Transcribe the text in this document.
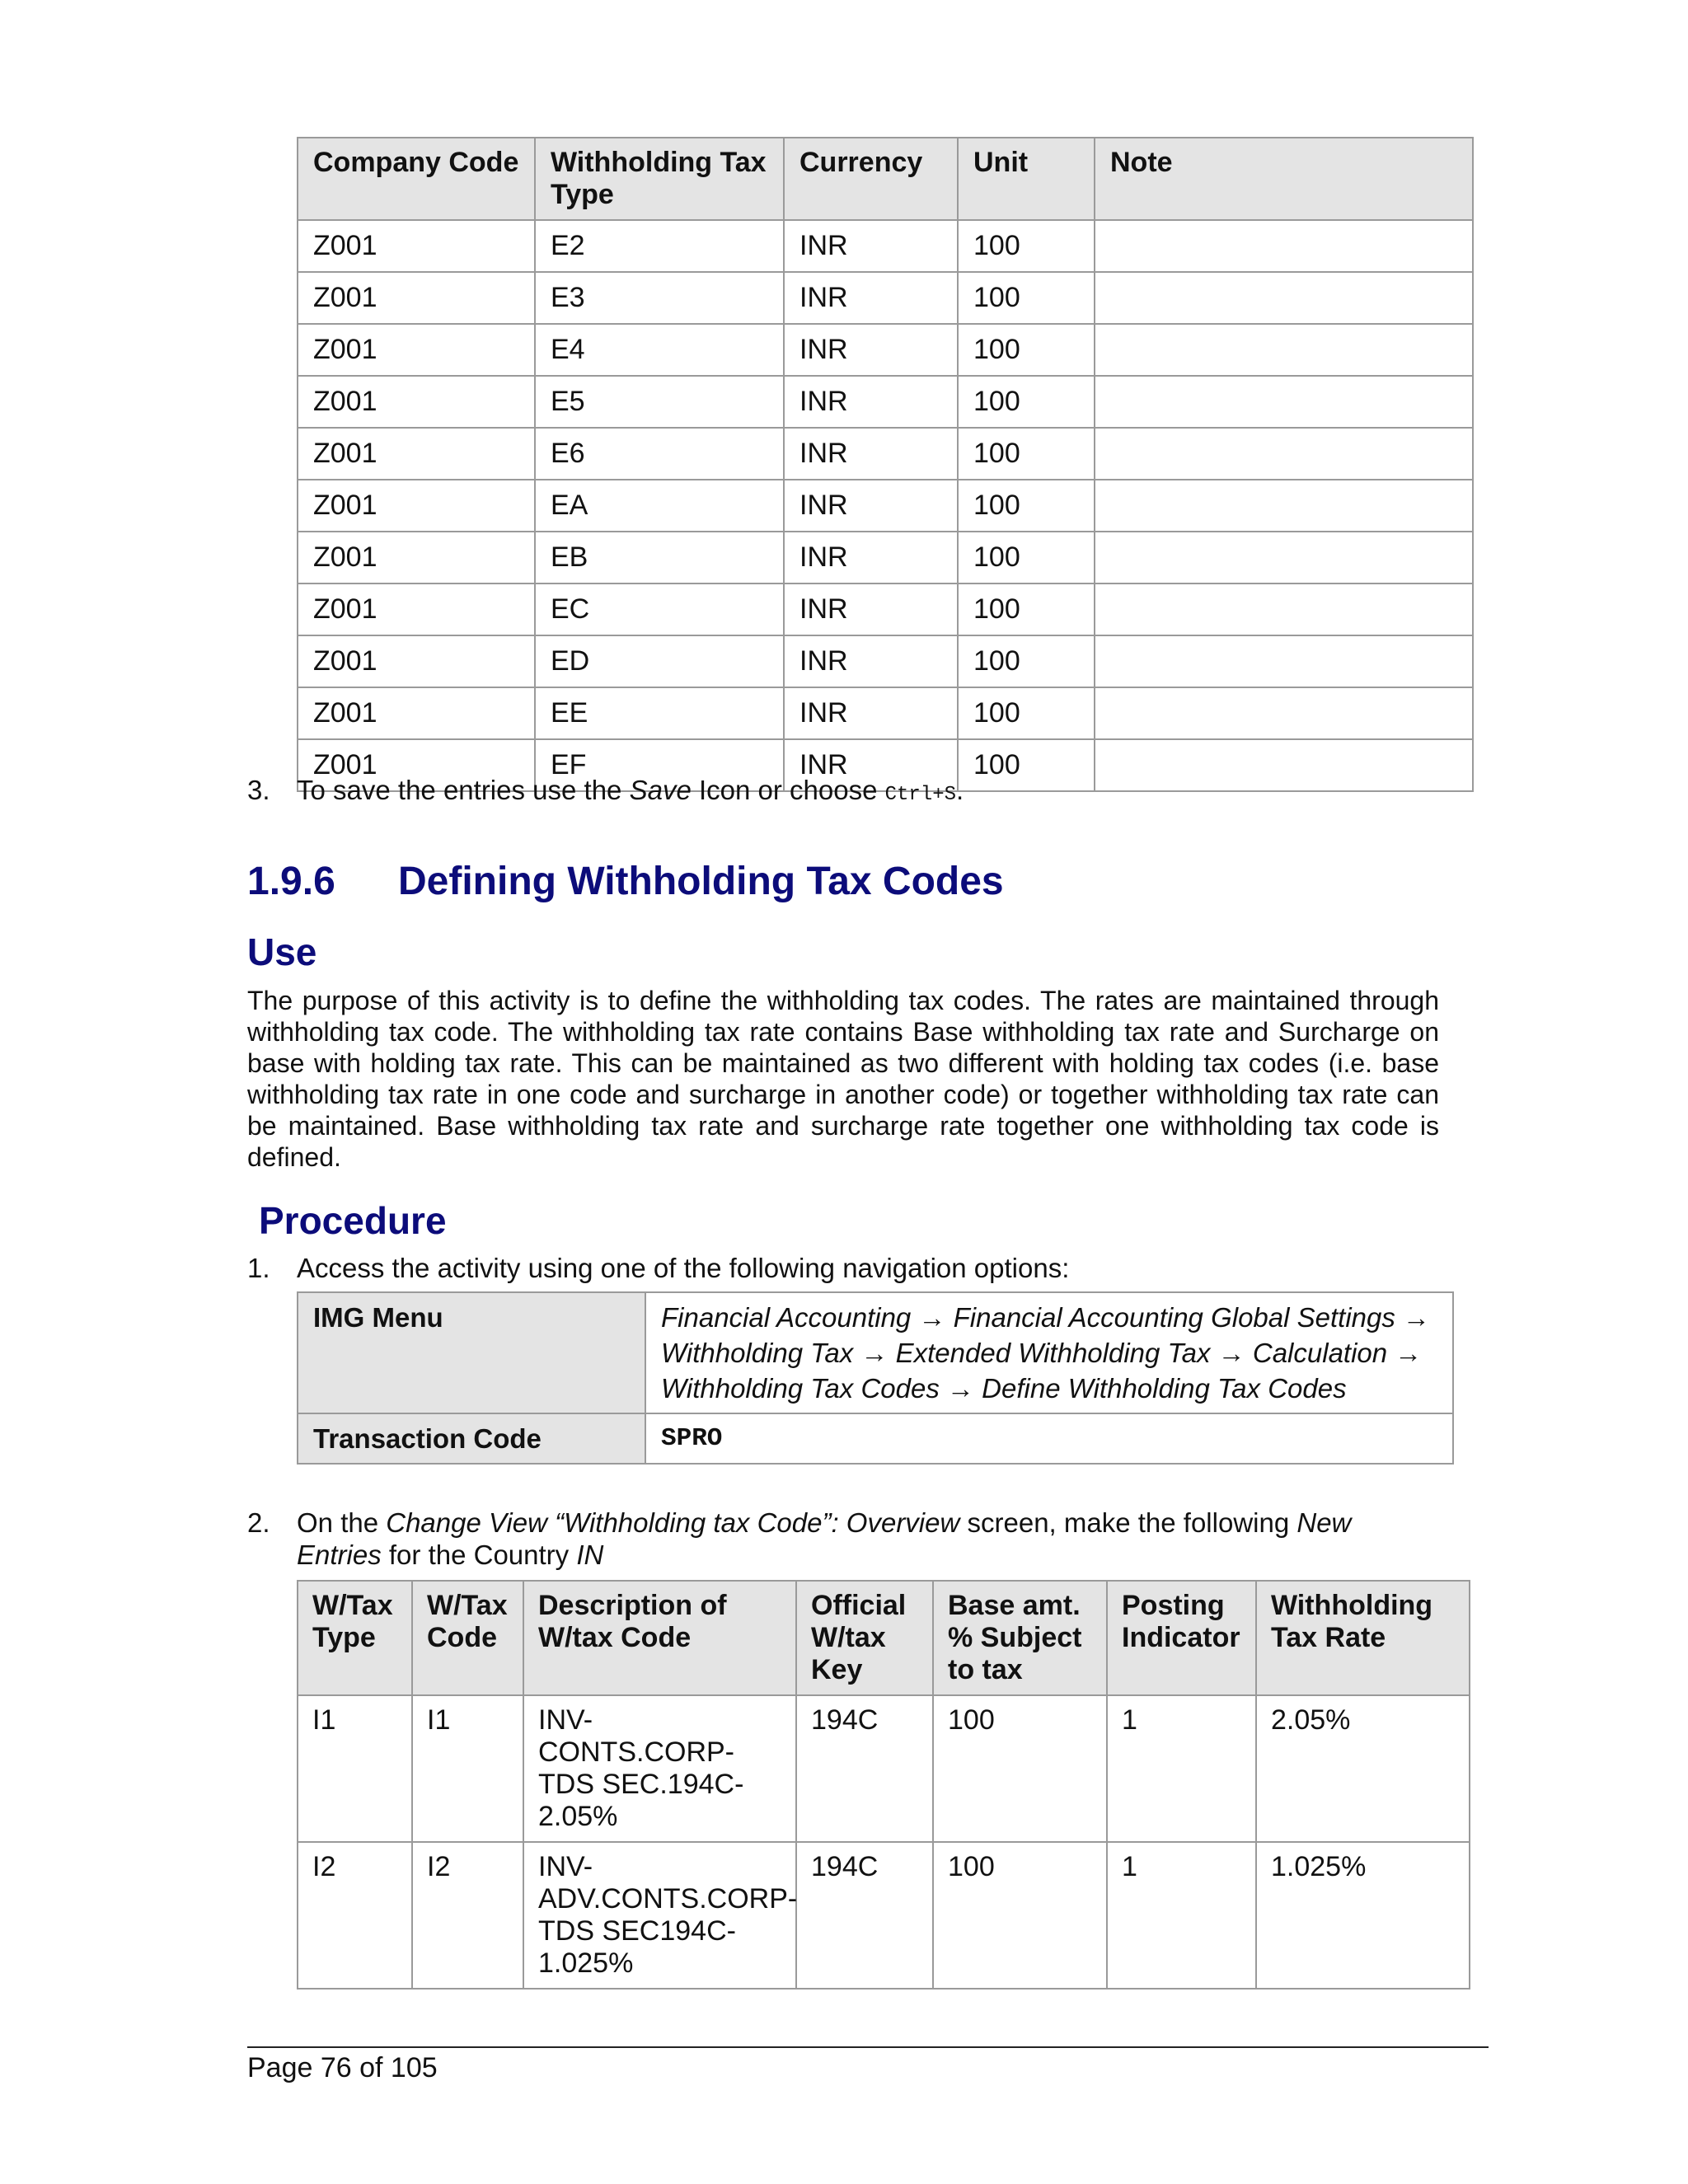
Company Code	Withholding Tax Type	Currency	Unit	Note
Z001	E2	INR	100	
Z001	E3	INR	100	
Z001	E4	INR	100	
Z001	E5	INR	100	
Z001	E6	INR	100	
Z001	EA	INR	100	
Z001	EB	INR	100	
Z001	EC	INR	100	
Z001	ED	INR	100	
Z001	EE	INR	100	
Z001	EF	INR	100	
3. To save the entries use the Save Icon or choose Ctrl+S.
1.9.6 Defining Withholding Tax Codes
Use
The purpose of this activity is to define the withholding tax codes. The rates are maintained through withholding tax code. The withholding tax rate contains Base withholding tax rate and Surcharge on base with holding tax rate. This can be maintained as two different with holding tax codes (i.e. base withholding tax rate in one code and surcharge in another code) or together withholding tax rate can be maintained. Base withholding tax rate and surcharge rate together one withholding tax code is defined.
Procedure
1. Access the activity using one of the following navigation options:
IMG Menu	Financial Accounting → Financial Accounting Global Settings → Withholding Tax → Extended Withholding Tax → Calculation → Withholding Tax Codes → Define Withholding Tax Codes
Transaction Code	SPRO
2. On the Change View “Withholding tax Code”: Overview screen, make the following New Entries for the Country IN
W/Tax Type	W/Tax Code	Description of W/tax Code	Official W/tax Key	Base amt. % Subject to tax	Posting Indicator	Withholding Tax Rate
I1	I1	INV-CONTS.CORP-TDS SEC.194C-2.05%	194C	100	1	2.05%
I2	I2	INV-ADV.CONTS.CORP-TDS SEC194C-1.025%	194C	100	1	1.025%
Page 76 of 105
